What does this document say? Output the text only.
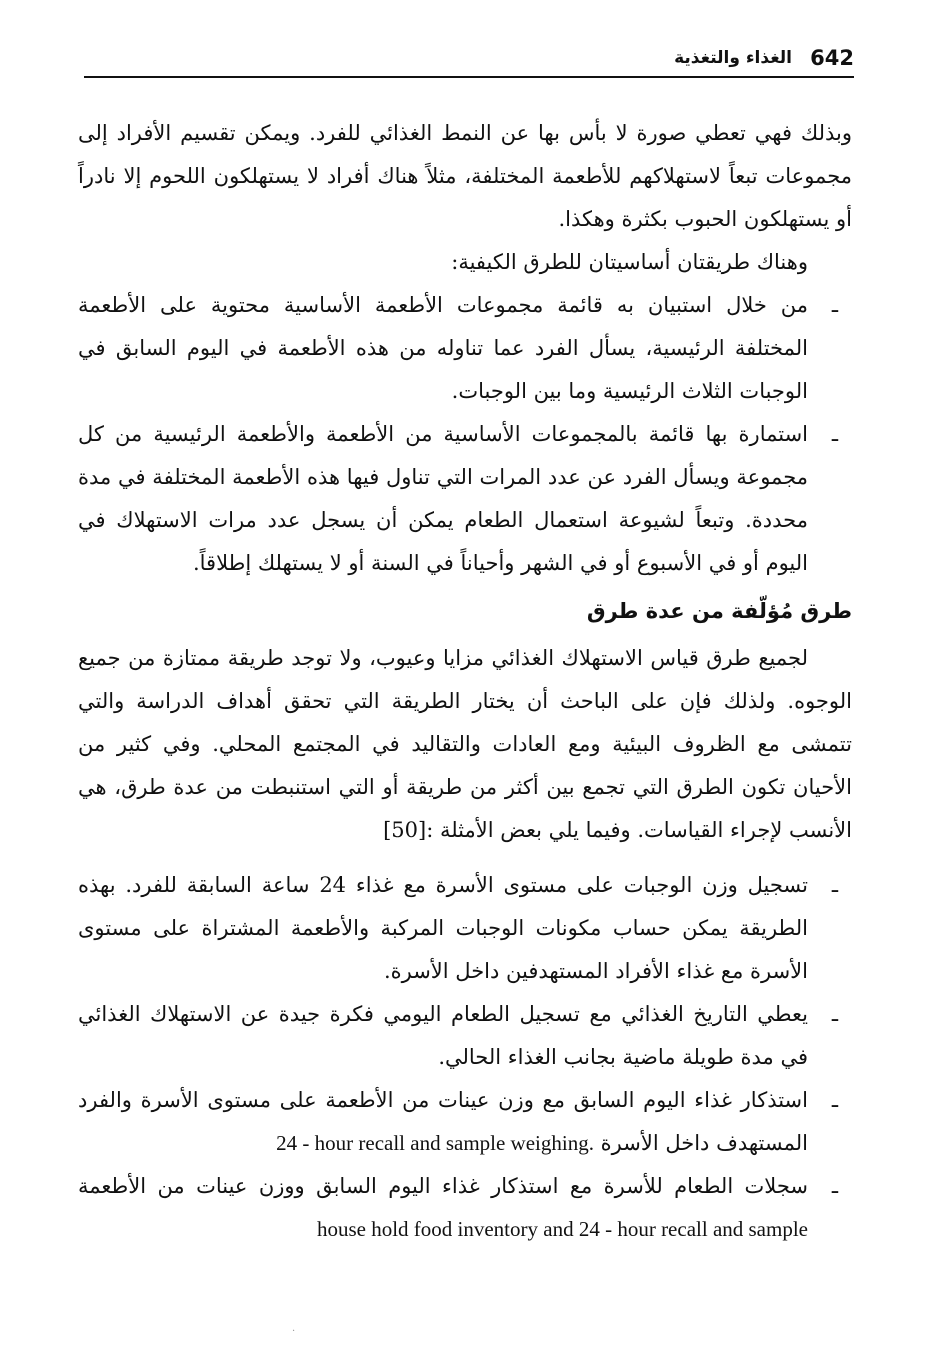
642
الغذاء والتغذية

وبذلك فهي تعطي صورة لا بأس بها عن النمط الغذائي للفرد. ويمكن تقسيم الأفراد إلى مجموعات تبعاً لاستهلاكهم للأطعمة المختلفة، مثلاً هناك أفراد لا يستهلكون اللحوم إلا نادراً أو يستهلكون الحبوب بكثرة وهكذا.

وهناك طريقتان أساسيتان للطرق الكيفية:

ـ
من خلال استبيان به قائمة مجموعات الأطعمة الأساسية محتوية على الأطعمة المختلفة الرئيسية، يسأل الفرد عما تناوله من هذه الأطعمة في اليوم السابق في الوجبات الثلاث الرئيسية وما بين الوجبات.
ـ
استمارة بها قائمة بالمجموعات الأساسية من الأطعمة والأطعمة الرئيسية من كل مجموعة ويسأل الفرد عن عدد المرات التي تناول فيها هذه الأطعمة المختلفة في مدة محددة. وتبعاً لشيوعة استعمال الطعام يمكن أن يسجل عدد مرات الاستهلاك في اليوم أو في الأسبوع أو في الشهر وأحياناً في السنة أو لا يستهلك إطلاقاً.
طرق مُؤلّفة من عدة طرق

لجميع طرق قياس الاستهلاك الغذائي مزايا وعيوب، ولا توجد طريقة ممتازة من جميع الوجوه. ولذلك فإن على الباحث أن يختار الطريقة التي تحقق أهداف الدراسة والتي تتمشى مع الظروف البيئية ومع العادات والتقاليد في المجتمع المحلي. وفي كثير من الأحيان تكون الطرق التي تجمع بين أكثر من طريقة أو التي استنبطت من عدة طرق، هي الأنسب لإجراء القياسات. وفيما يلي بعض الأمثلة :[50]

ـ
تسجيل وزن الوجبات على مستوى الأسرة مع غذاء 24 ساعة السابقة للفرد. بهذه الطريقة يمكن حساب مكونات الوجبات المركبة والأطعمة المشتراة على مستوى الأسرة مع غذاء الأفراد المستهدفين داخل الأسرة.
ـ
يعطي التاريخ الغذائي مع تسجيل الطعام اليومي فكرة جيدة عن الاستهلاك الغذائي في مدة طويلة ماضية بجانب الغذاء الحالي.
ـ
استذكار غذاء اليوم السابق مع وزن عينات من الأطعمة على مستوى الأسرة والفرد المستهدف داخل الأسرة 24 - hour recall and sample weighing.
ـ
سجلات الطعام للأسرة مع استذكار غذاء اليوم السابق ووزن عينات من الأطعمة house hold food inventory and 24 - hour recall and sample
·
